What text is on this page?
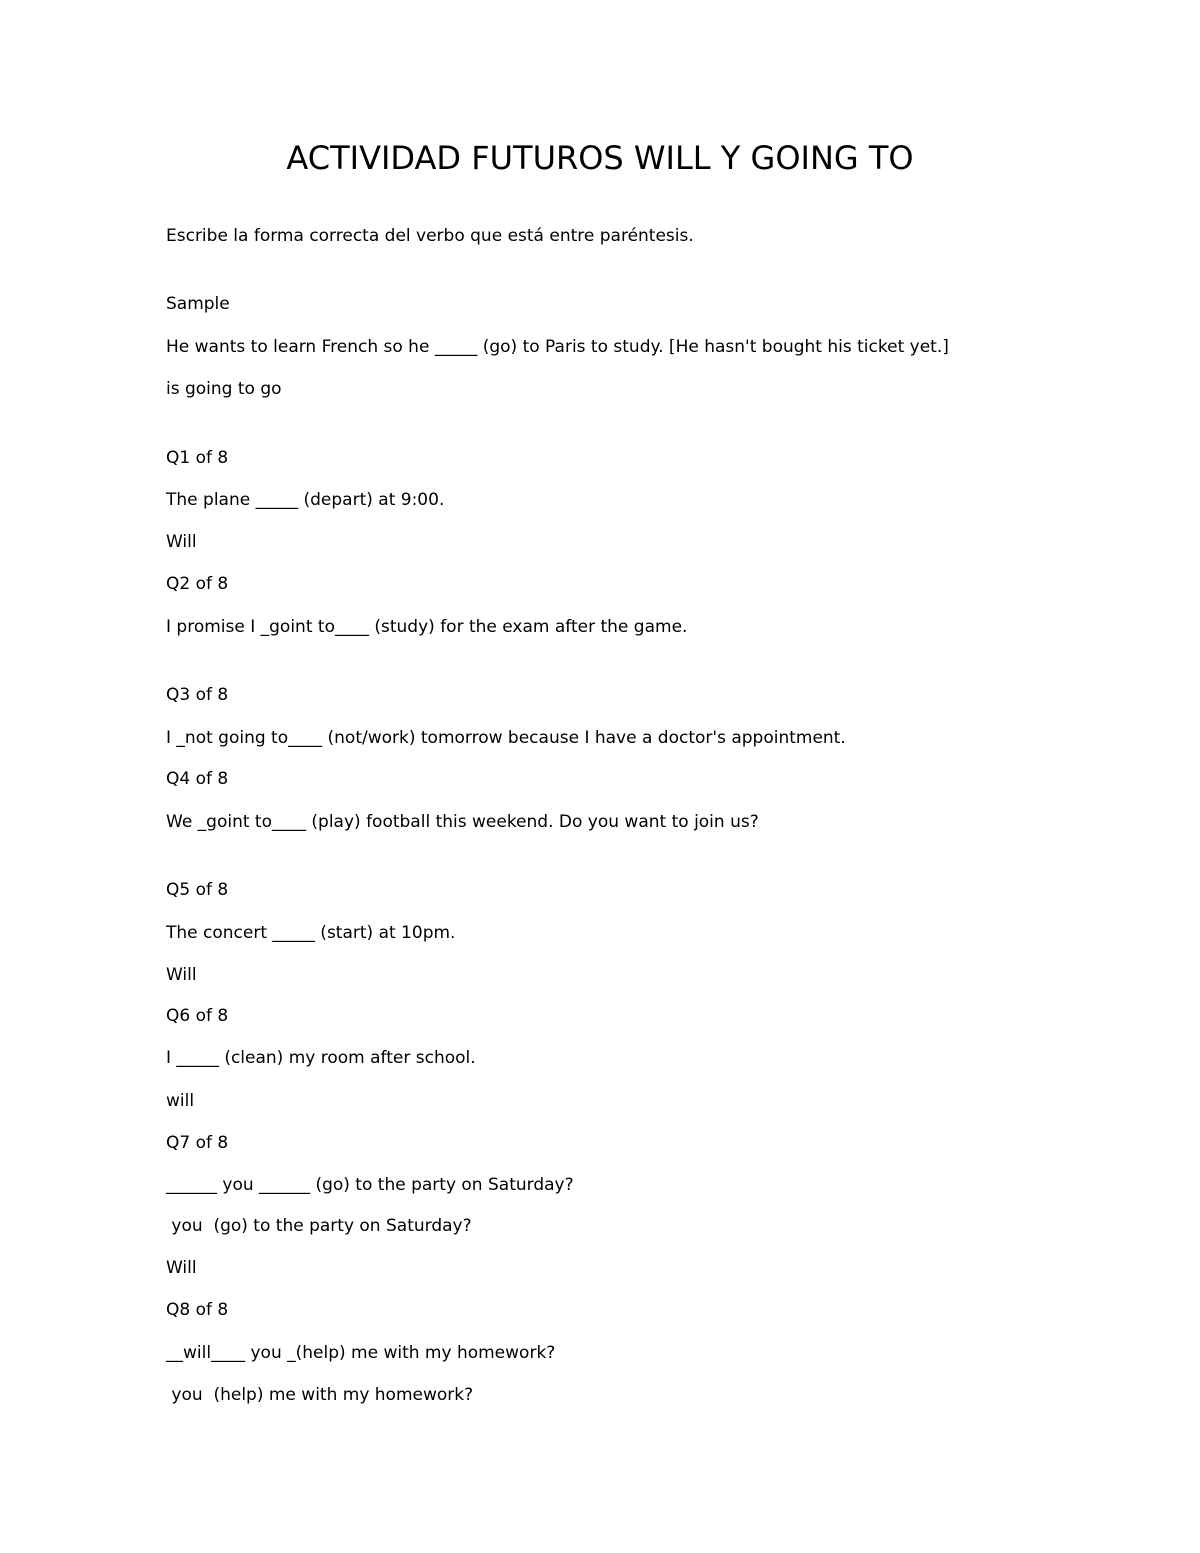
ACTIVIDAD FUTUROS WILL Y GOING TO
Escribe la forma correcta del verbo que está entre paréntesis.
Sample
He wants to learn French so he _____ (go) to Paris to study. [He hasn't bought his ticket yet.]
is going to go
Q1 of 8
The plane _____ (depart) at 9:00.
Will
Q2 of 8
I promise I _goint to____ (study) for the exam after the game.
Q3 of 8
I _not going to____ (not/work) tomorrow because I have a doctor's appointment.
Q4 of 8
We _goint to____ (play) football this weekend. Do you want to join us?
Q5 of 8
The concert _____ (start) at 10pm.
Will
Q6 of 8
I _____ (clean) my room after school.
will
Q7 of 8
______ you ______ (go) to the party on Saturday?
you  (go) to the party on Saturday?
Will
Q8 of 8
__will____ you _(help) me with my homework?
you  (help) me with my homework?
